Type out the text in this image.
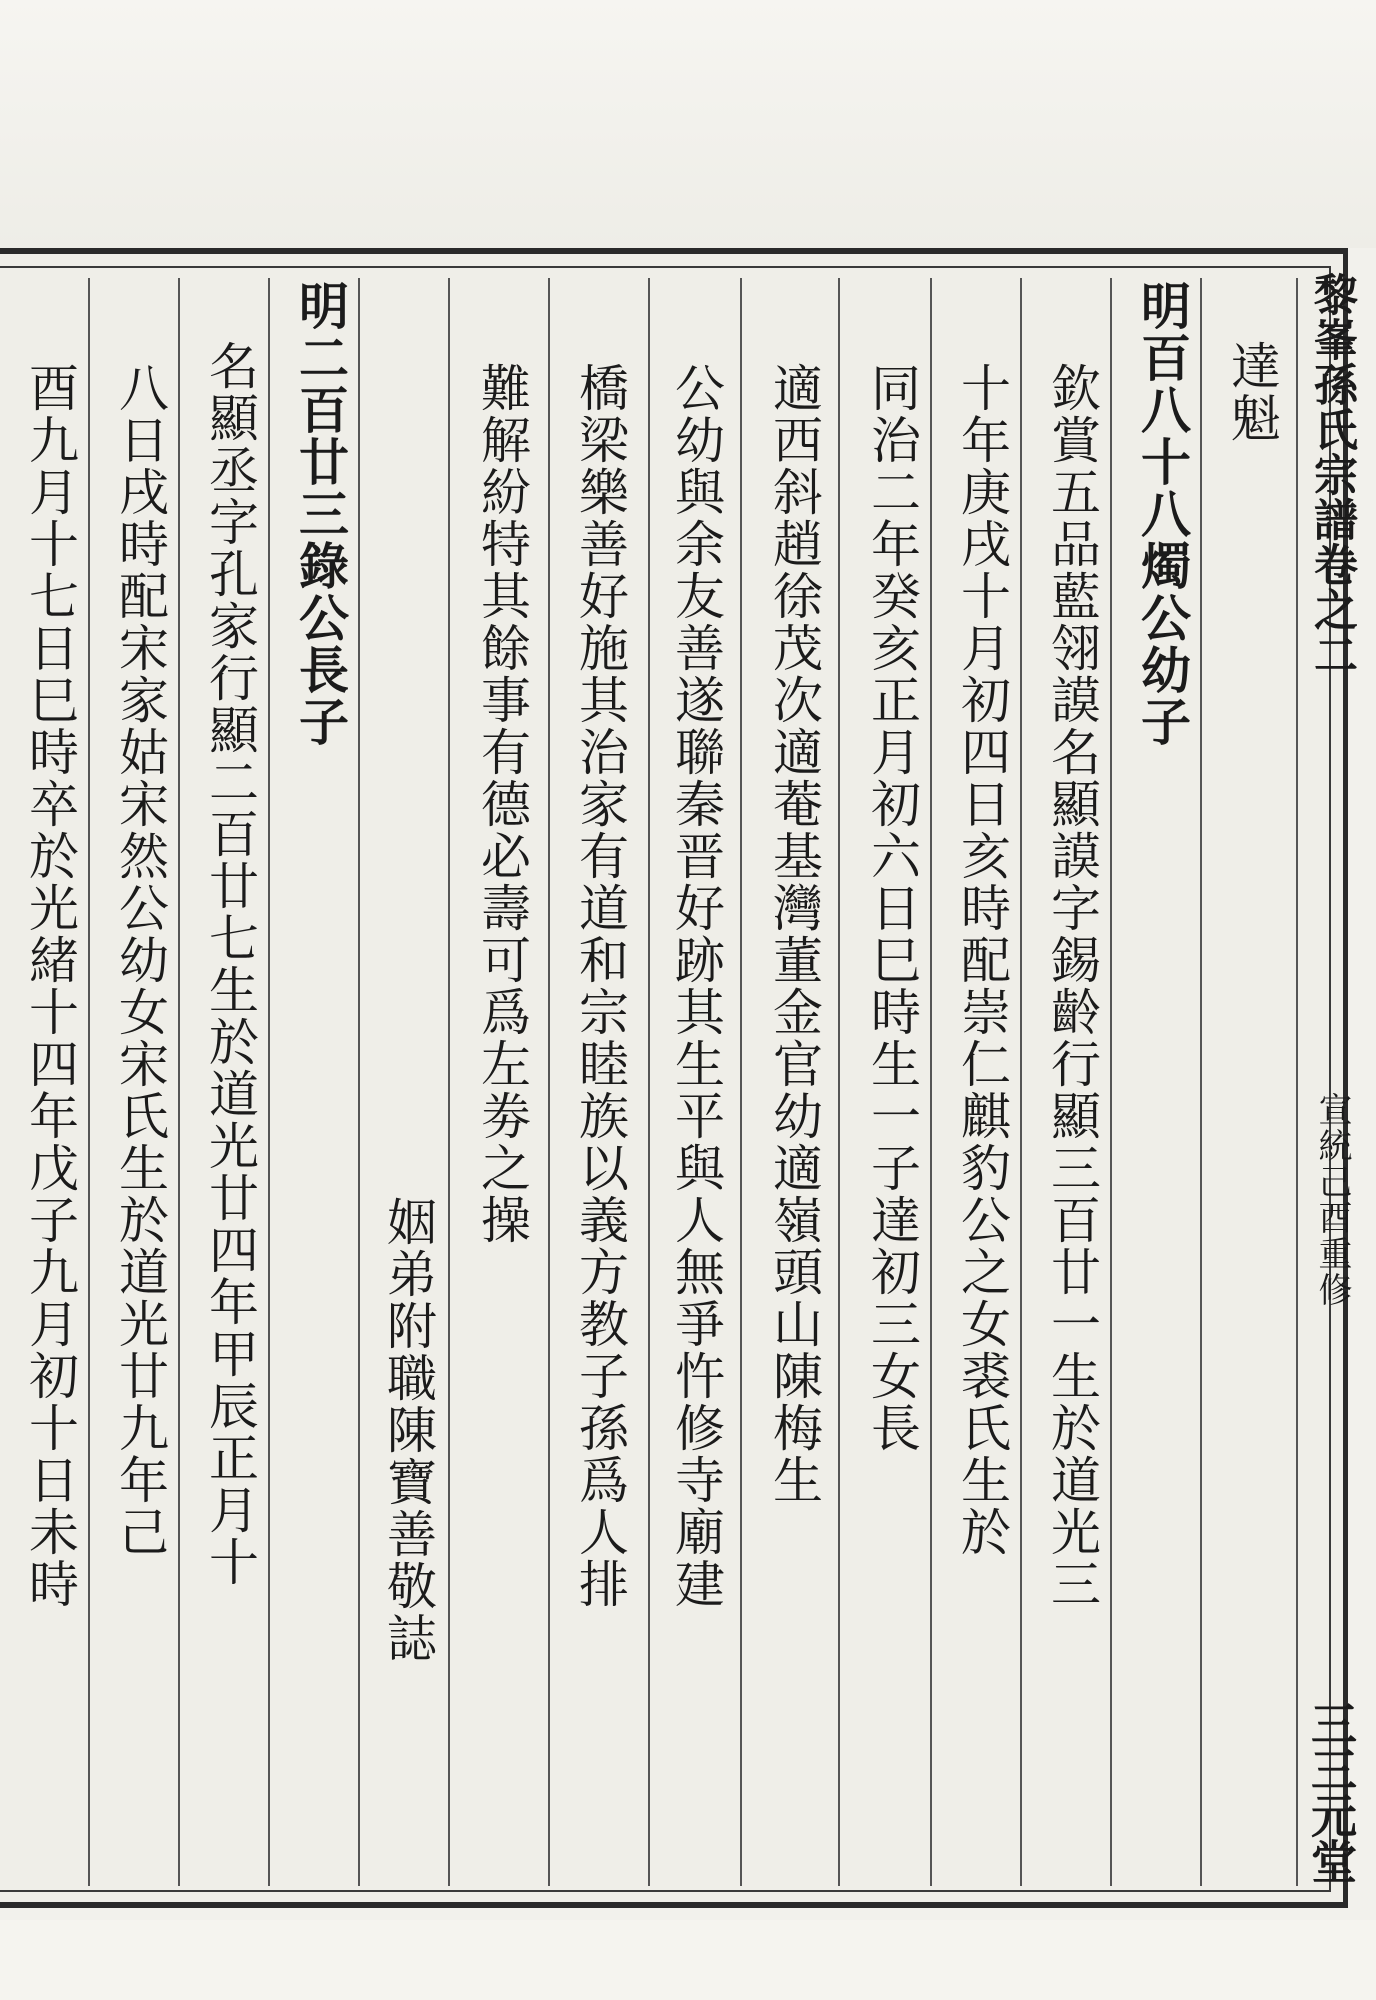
黎峯孫氏宗譜卷之二
宣統己酉重修
三三元堂
達魁
明百八十八燭公幼子
欽賞五品藍翎謨名顯謨字錫齡行顯三百廿一生於道光三
十年庚戌十月初四日亥時配崇仁麒豹公之女裘氏生於
同治二年癸亥正月初六日巳時生一子達初三女長
適西斜趙徐茂次適菴基灣董金官幼適嶺頭山陳梅生
公幼與余友善遂聯秦晋好跡其生平與人無爭忤修寺廟建
橋梁樂善好施其治家有道和宗睦族以義方教子孫爲人排
難解紛特其餘事有德必壽可爲左劵之操
姻弟附職陳寶善敬誌
明二百廿三錄公長子
名顯丞字孔家行顯二百廿七生於道光廿四年甲辰正月十
八日戌時配宋家姑宋然公幼女宋氏生於道光廿九年己
酉九月十七日巳時卒於光緒十四年戊子九月初十日未時
